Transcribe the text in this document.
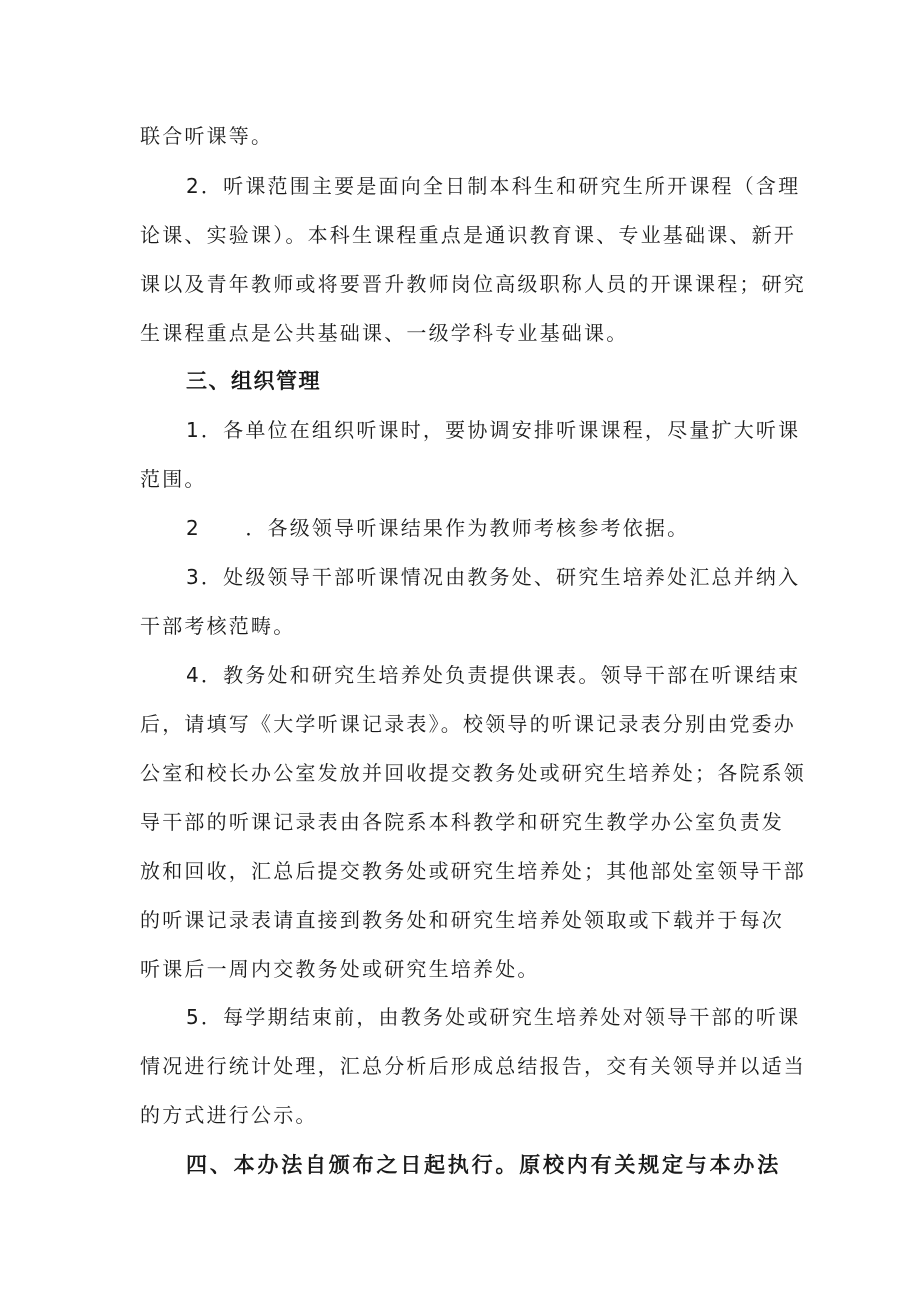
联合听课等。
2．听课范围主要是面向全日制本科生和研究生所开课程（含理
论课、实验课）。本科生课程重点是通识教育课、专业基础课、新开
课以及青年教师或将要晋升教师岗位高级职称人员的开课课程；研究
生课程重点是公共基础课、一级学科专业基础课。
三、组织管理
1．各单位在组织听课时，要协调安排听课课程，尽量扩大听课
范围。
2　　．各级领导听课结果作为教师考核参考依据。
3．处级领导干部听课情况由教务处、研究生培养处汇总并纳入
干部考核范畴。
4．教务处和研究生培养处负责提供课表。领导干部在听课结束
后，请填写《大学听课记录表》。校领导的听课记录表分别由党委办
公室和校长办公室发放并回收提交教务处或研究生培养处；各院系领
导干部的听课记录表由各院系本科教学和研究生教学办公室负责发
放和回收，汇总后提交教务处或研究生培养处；其他部处室领导干部
的听课记录表请直接到教务处和研究生培养处领取或下载并于每次
听课后一周内交教务处或研究生培养处。
5．每学期结束前，由教务处或研究生培养处对领导干部的听课
情况进行统计处理，汇总分析后形成总结报告，交有关领导并以适当
的方式进行公示。
四、本办法自颁布之日起执行。原校内有关规定与本办法
